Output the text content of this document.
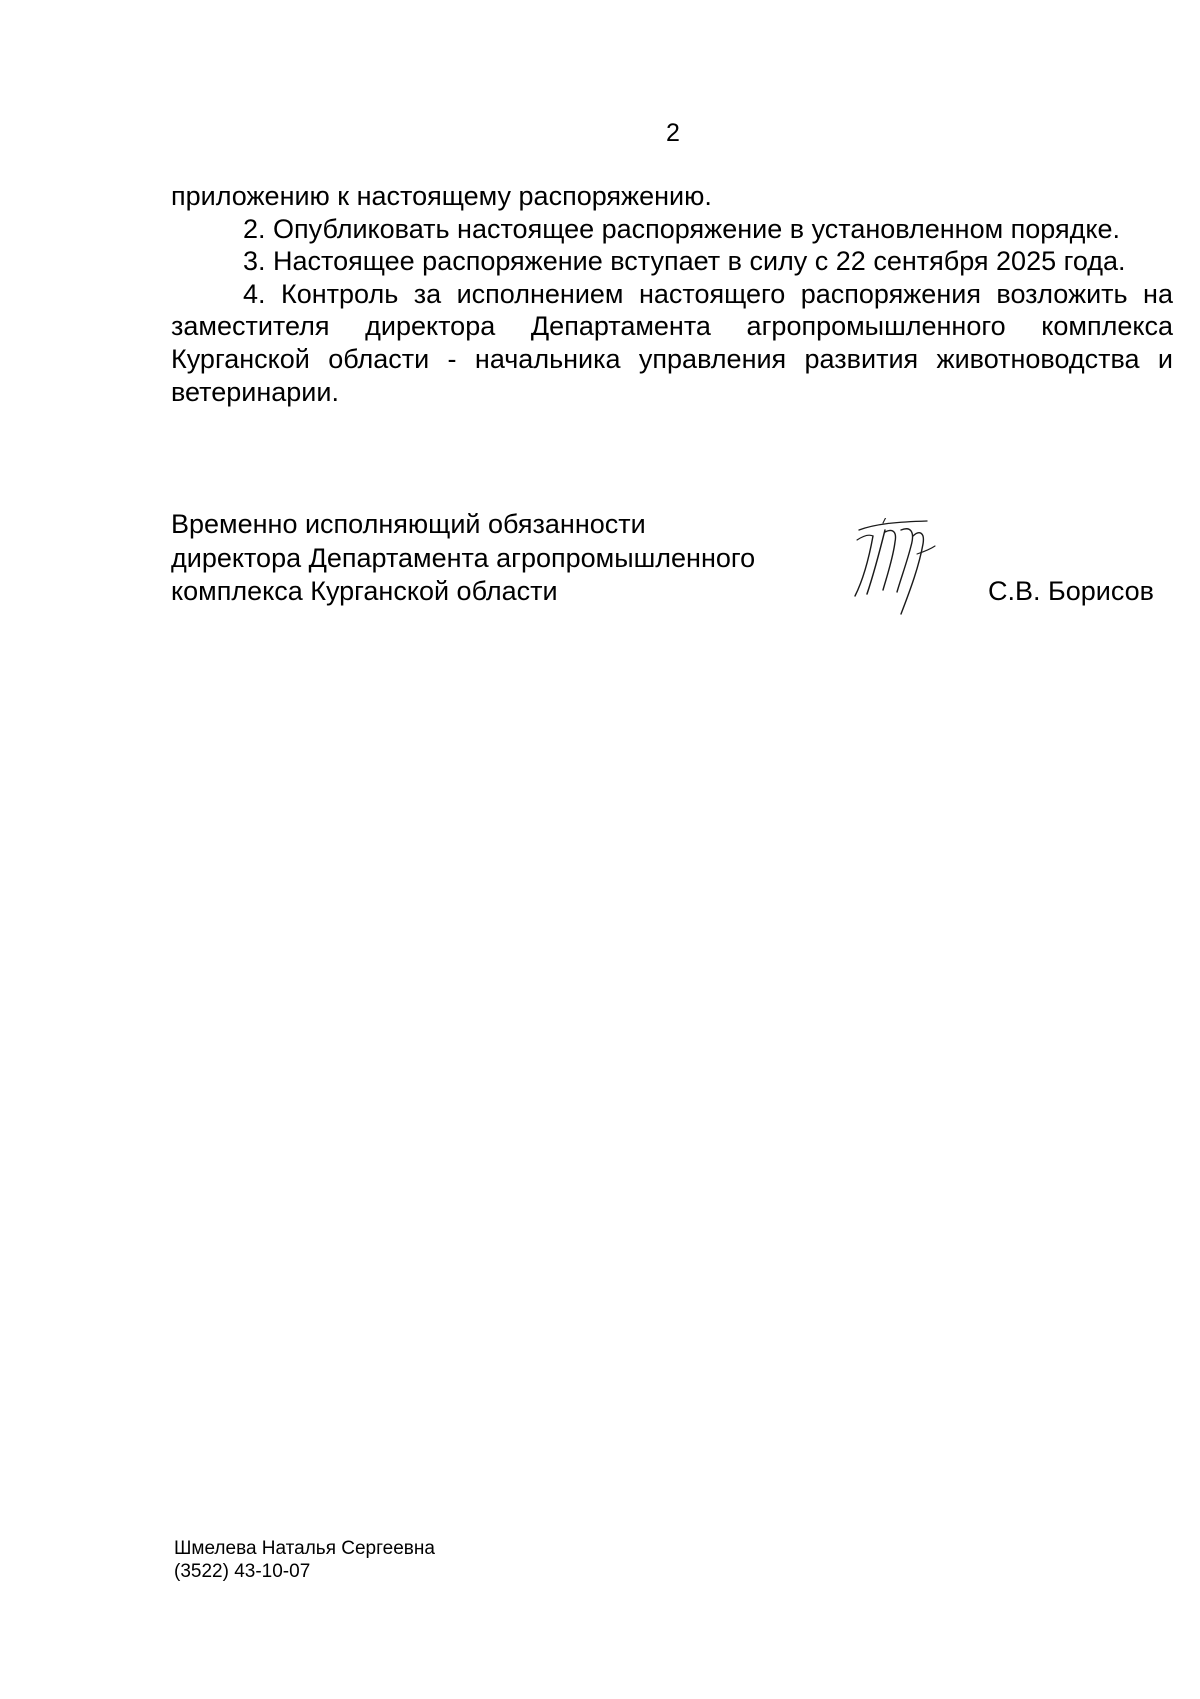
2

приложению к настоящему распоряжению.

2. Опубликовать настоящее распоряжение в установленном порядке.

3. Настоящее распоряжение вступает в силу с 22 сентября 2025 года.

4. Контроль за исполнением настоящего распоряжения возложить на заместителя директора Департамента агропромышленного комплекса Курганской области - начальника управления развития животноводства и ветеринарии.

Временно исполняющий обязанности
директора Департамента агропромышленного
комплекса Курганской области	С.В. Борисов
Шмелева Наталья Сергеевна
(3522) 43-10-07
